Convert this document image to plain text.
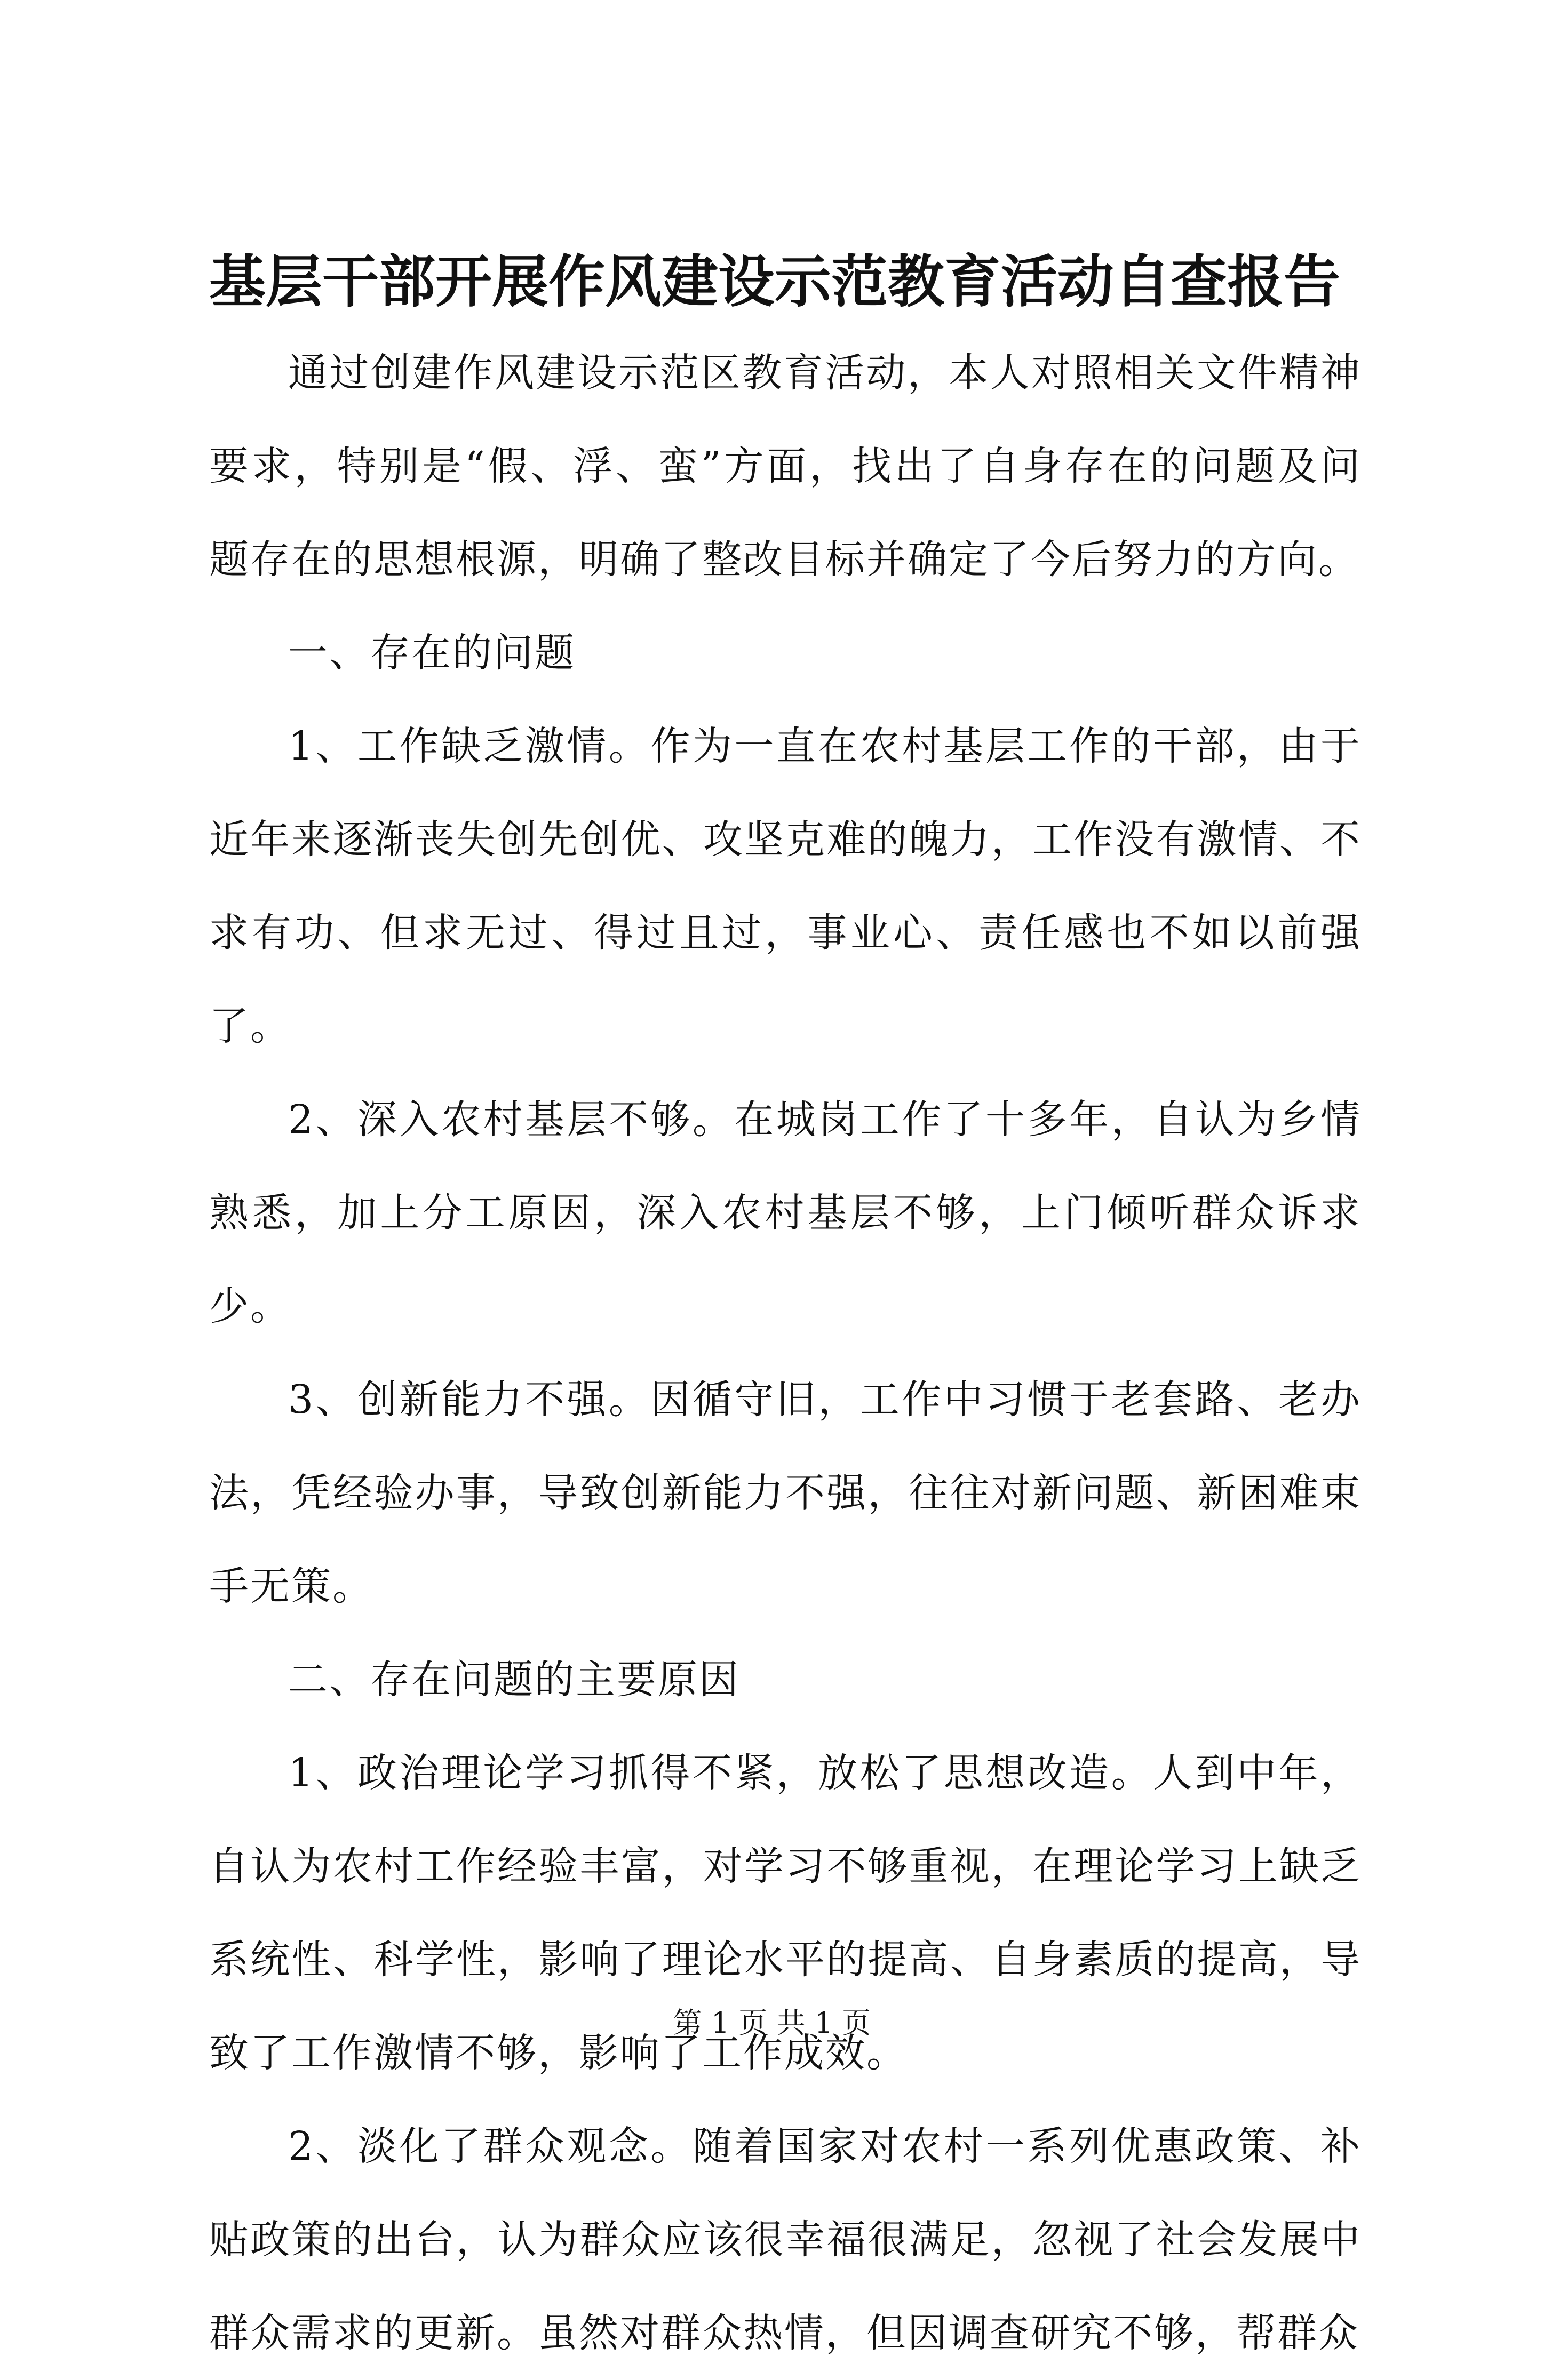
基层干部开展作风建设示范教育活动自查报告

通过创建作风建设示范区教育活动，本人对照相关文件精神要求，特别是“假、浮、蛮”方面，找出了自身存在的问题及问题存在的思想根源，明确了整改目标并确定了今后努力的方向。

一、存在的问题

1、工作缺乏激情。作为一直在农村基层工作的干部，由于近年来逐渐丧失创先创优、攻坚克难的魄力，工作没有激情、不求有功、但求无过、得过且过，事业心、责任感也不如以前强了。

2、深入农村基层不够。在城岗工作了十多年，自认为乡情熟悉，加上分工原因，深入农村基层不够，上门倾听群众诉求少。

3、创新能力不强。因循守旧，工作中习惯于老套路、老办法，凭经验办事，导致创新能力不强，往往对新问题、新困难束手无策。

二、存在问题的主要原因

1、政治理论学习抓得不紧，放松了思想改造。人到中年，自认为农村工作经验丰富，对学习不够重视，在理论学习上缺乏系统性、科学性，影响了理论水平的提高、自身素质的提高，导致了工作激情不够，影响了工作成效。

2、淡化了群众观念。随着国家对农村一系列优惠政策、补贴政策的出台，认为群众应该很幸福很满足，忽视了社会发展中群众需求的更新。虽然对群众热情，但因调查研究不够，帮群众

第 1 页 共 1 页
